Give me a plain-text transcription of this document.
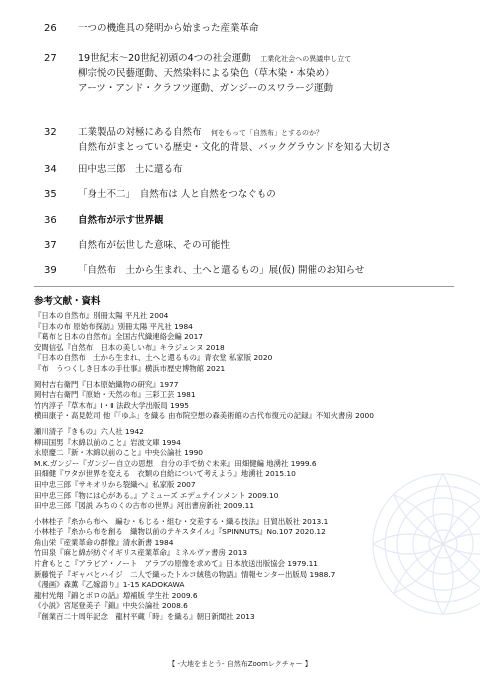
26	一つの機進具の発明から始まった産業革命
27	19世紀末〜20世紀初頭の4つの社会運動　工業化社会への異議申し立て
柳宗悦の民藝運動、天然染料による染色（草木染・本染め）
アーツ・アンド・クラフツ運動、ガンジーのスワラージ運動
32	工業製品の対極にある自然布　何をもって「自然布」とするのか？
自然布がまとっている歴史・文化的背景、バックグラウンドを知る大切さ
34	田中忠三郎　土に還る布
35	「身土不二」　自然布は 人と自然をつなぐもの
36	自然布が示す世界観
37	自然布が伝世した意味、その可能性
39	「自然布　土から生まれ、土へと還るもの」展(仮) 開催のお知らせ
参考文献・資料
『日本の自然布』別冊太陽 平凡社 2004
『日本の布 原始布探訪』別冊太陽 平凡社 1984
『葛布と日本の自然布』全国古代織連絡会編 2017
安間信弘『自然布　日本の美しい布』キラジェンヌ 2018
『日本の自然布　土から生まれ、土へと還るもの』青衣堂 私家版 2020
『布　うつくしき日本の手仕事』横浜市歴史博物館 2021
岡村吉右衛門『日本原始織物の研究』1977
岡村吉右衛門『原始・天然の布』三彩工芸 1981
竹内淳子『草木布』Ⅰ・Ⅱ 法政大学出版局 1995
横田康子・高見乾司 他『「ゆふ」を織る 由布院空想の森美術館の古代布復元の記録』不知火書房 2000
瀬川清子『きもの』六人社 1942
柳田国男『木綿以前のこと』岩波文庫 1994
永原慶二『新・木綿以前のこと』中央公論社 1990
M.K.ガンジー『ガンジー自立の思想　自分の手で紡ぐ未来』田畑健編 地湧社 1999.6
田畑健『ワタが世界を変える　衣類の自給について考えよう』地湧社 2015.10
田中忠三郎『サキオリから裂織へ』私家版 2007
田中忠三郎『物には心がある。』アミューズ エデュテインメント 2009.10
田中忠三郎『図説 みちのくの古布の世界』河出書房新社 2009.11
小林桂子『糸から布へ　編む・もじる・組む・交差する・織る技法』日貿出版社 2013.1
小林桂子『糸から布を創る　織物以前のテキスタイル』『SPINNUTS』No.107 2020.12
角山栄『産業革命の群像』清水新書 1984
竹田泉『麻と綿が紡ぐイギリス産業革命』ミネルヴァ書房 2013
片倉もとこ『アラビア・ノート　アラブの原像を求めて』日本放送出版協会 1979.11
新藤悦子『ギャバとハイジ　二人で織ったトルコ絨毯の物語』情報センター出版局 1988.7
《漫画》森薫『乙嫁語り』1-15 KADOKAWA
龍村光翔『錦とボロの話』増補版 学生社 2009.6
《小説》宮尾登美子『錦』中央公論社 2008.6
『創業百二十周年記念　龍村平蔵「時」を織る』朝日新聞社 2013
【 -大地をまとう- 自然布Zoomレクチャー 】
